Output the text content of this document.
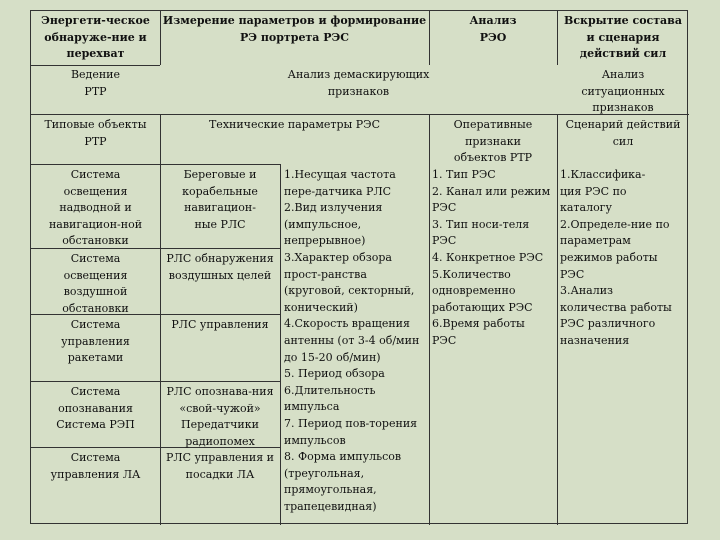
Энергети-ческое
обнаруже-ние и
перехват
Измерение параметров и формирование
РЭ портрета РЭС
Анализ
РЭО
Вскрытие состава
и сценария
действий сил
Ведение
РТР
Анализ демаскирующих
признаков
Анализ
ситуационных
признаков
Типовые объекты
РТР
Технические параметры РЭС	Оперативные
признаки
объектов РТР
Сценарий действий
сил
Система
освещения
надводной и
навигацион-ной
обстановки
Система
освещения
воздушной
обстановки
Система
управления
ракетами
Система
опознавания
Система РЭП
Система
управления ЛА
Береговые и
корабельные
навигацион-
ные РЛС
РЛС обнаружения
воздушных целей
РЛС управления
РЛС опознава-ния
«свой-чужой»
Передатчики
радиопомех
РЛС управления и
посадки ЛА
1.Несущая частота
пере-датчика РЛС
2.Вид излучения
(импульсное,
непрерывное)
3.Характер обзора
прост-ранства
(круговой, секторный,
конический)
4.Скорость вращения
антенны (от 3-4 об/мин
до 15-20 об/мин)
5. Период обзора
6.Длительность
импульса
7. Период пов-торения
импульсов
8. Форма импульсов
(треугольная,
прямоугольная,
трапецевидная)
1. Тип РЭС
2. Канал или режим
РЭС
3. Тип носи-теля
РЭС
4. Конкретное РЭС
5.Количество
одновременно
работающих РЭС
6.Время работы
РЭС
1.Классифика-
ция РЭС по
каталогу
2.Определе-ние по
параметрам
режимов работы
РЭС
3.Анализ
количества работы
РЭС различного
назначения
